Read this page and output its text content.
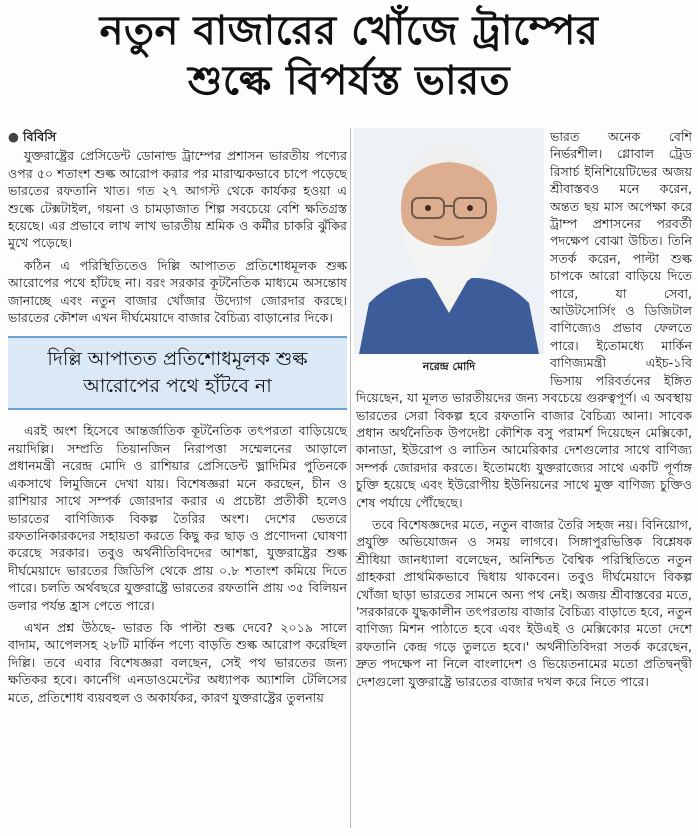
নতুন বাজারের খোঁজে ট্রাম্পের
শুল্কে বিপর্যস্ত ভারত
● বিবিসি

যুক্তরাষ্ট্রের প্রেসিডেন্ট ডোনাল্ড ট্রাম্পের প্রশাসন ভারতীয় পণ্যের ওপর ৫০ শতাংশ শুল্ক আরোপ করার পর মারাত্মকভাবে চাপে পড়েছে ভারতের রফতানি খাত। গত ২৭ আগস্ট থেকে কার্যকর হওয়া এ শুল্কে টেক্সটাইল, গয়না ও চামড়াজাত শিল্প সবচেয়ে বেশি ক্ষতিগ্রস্ত হয়েছে। এর প্রভাবে লাখ লাখ ভারতীয় শ্রমিক ও কর্মীর চাকরি ঝুঁকির মুখে পড়েছে।

কঠিন এ পরিস্থিতিতেও দিল্লি আপাতত প্রতিশোধমূলক শুল্ক আরোপের পথে হাঁটছে না। বরং সরকার কূটনৈতিক মাধ্যমে অসন্তোষ জানাচ্ছে এবং নতুন বাজার খোঁজার উদ্যোগ জোরদার করছে। ভারতের কৌশল এখন দীর্ঘমেয়াদে বাজার বৈচিত্র্য বাড়ানোর দিকে।

দিল্লি আপাতত প্রতিশোধমূলক শুল্ক আরোপের পথে হাঁটবে না

এরই অংশ হিসেবে আন্তর্জাতিক কূটনৈতিক তৎপরতা বাড়িয়েছে নয়াদিল্লি। সম্প্রতি তিয়ানজিন নিরাপত্তা সম্মেলনের আড়ালে প্রধানমন্ত্রী নরেন্দ্র মোদি ও রাশিয়ার প্রেসিডেন্ট ভ্লাদিমির পুতিনকে একসাথে লিমুজিনে দেখা যায়। বিশেষজ্ঞরা মনে করছেন, চীন ও রাশিয়ার সাথে সম্পর্ক জোরদার করার এ প্রচেষ্টা প্রতীকী হলেও ভারতের বাণিজ্যিক বিকল্প তৈরির অংশ। দেশের ভেতরে রফতানিকারকদের সহায়তা করতে কিছু কর ছাড় ও প্রণোদনা ঘোষণা করেছে সরকার। তবুও অর্থনীতিবিদদের আশঙ্কা, যুক্তরাষ্ট্রের শুল্ক দীর্ঘমেয়াদে ভারতের জিডিপি থেকে প্রায় ০.৮ শতাংশ কমিয়ে দিতে পারে। চলতি অর্থবছরে যুক্তরাষ্ট্রে ভারতের রফতানি প্রায় ৩৫ বিলিয়ন ডলার পর্যন্ত হ্রাস পেতে পারে।

এখন প্রশ্ন উঠছে- ভারত কি পাল্টা শুল্ক দেবে? ২০১৯ সালে বাদাম, আপেলসহ ২৮টি মার্কিন পণ্যে বাড়তি শুল্ক আরোপ করেছিল দিল্লি। তবে এবার বিশেষজ্ঞরা বলছেন, সেই পথ ভারতের জন্য ক্ষতিকর হবে। কার্নেগি এনডাওমেন্টের অধ্যাপক অ্যাশলি টেলিসের মতে, প্রতিশোধ ব্যয়বহুল ও অকার্যকর, কারণ যুক্তরাষ্ট্রের তুলনায়

নরেন্দ্র মোদি

ভারত অনেক বেশি নির্ভরশীল। গ্লোবাল ট্রেড রিসার্চ ইনিশিয়েটিভের অজয় শ্রীবাস্তবও মনে করেন, অন্তত ছয় মাস অপেক্ষা করে ট্রাম্প প্রশাসনের পরবর্তী পদক্ষেপ বোঝা উচিত। তিনি সতর্ক করেন, পাল্টা শুল্ক চাপকে আরো বাড়িয়ে দিতে পারে, যা সেবা, আউটসোর্সিং ও ডিজিটাল বাণিজ্যেও প্রভাব ফেলতে পারে। ইতোমধ্যে মার্কিন বাণিজ্যমন্ত্রী এইচ-১বি ভিসায় পরিবর্তনের ইঙ্গিত দিয়েছেন, যা মূলত ভারতীয়দের জন্য সবচেয়ে গুরুত্বপূর্ণ। এ অবস্থায় ভারতের সেরা বিকল্প হবে রফতানি বাজার বৈচিত্র্য আনা। সাবেক প্রধান অর্থনৈতিক উপদেষ্টা কৌশিক বসু পরামর্শ দিয়েছেন মেক্সিকো, কানাডা, ইউরোপ ও লাতিন আমেরিকার দেশগুলোর সাথে বাণিজ্য সম্পর্ক জোরদার করতে। ইতোমধ্যে যুক্তরাজ্যের সাথে একটি পূর্ণাঙ্গ চুক্তি হয়েছে এবং ইউরোপীয় ইউনিয়নের সাথে মুক্ত বাণিজ্য চুক্তিও শেষ পর্যায়ে পৌঁছেছে।

তবে বিশেষজ্ঞদের মতে, নতুন বাজার তৈরি সহজ নয়। বিনিয়োগ, প্রযুক্তি অভিযোজন ও সময় লাগবে। সিঙ্গাপুরভিত্তিক বিশ্লেষক শ্রীধিয়া জানধ্যালা বলেছেন, অনিশ্চিত বৈশ্বিক পরিস্থিতিতে নতুন গ্রাহকরা প্রাথমিকভাবে দ্বিধায় থাকবেন। তবুও দীর্ঘমেয়াদে বিকল্প খোঁজা ছাড়া ভারতের সামনে অন্য পথ নেই। অজয় শ্রীবাস্তবের মতে, 'সরকারকে যুদ্ধকালীন তৎপরতায় বাজার বৈচিত্র্য বাড়াতে হবে, নতুন বাণিজ্য মিশন পাঠাতে হবে এবং ইউএই ও মেক্সিকোর মতো দেশে রফতানি কেন্দ্র গড়ে তুলতে হবে।' অর্থনীতিবিদরা সতর্ক করেছেন, দ্রুত পদক্ষেপ না নিলে বাংলাদেশ ও ভিয়েতনামের মতো প্রতিদ্বন্দ্বী দেশগুলো যুক্তরাষ্ট্রে ভারতের বাজার দখল করে নিতে পারে।
